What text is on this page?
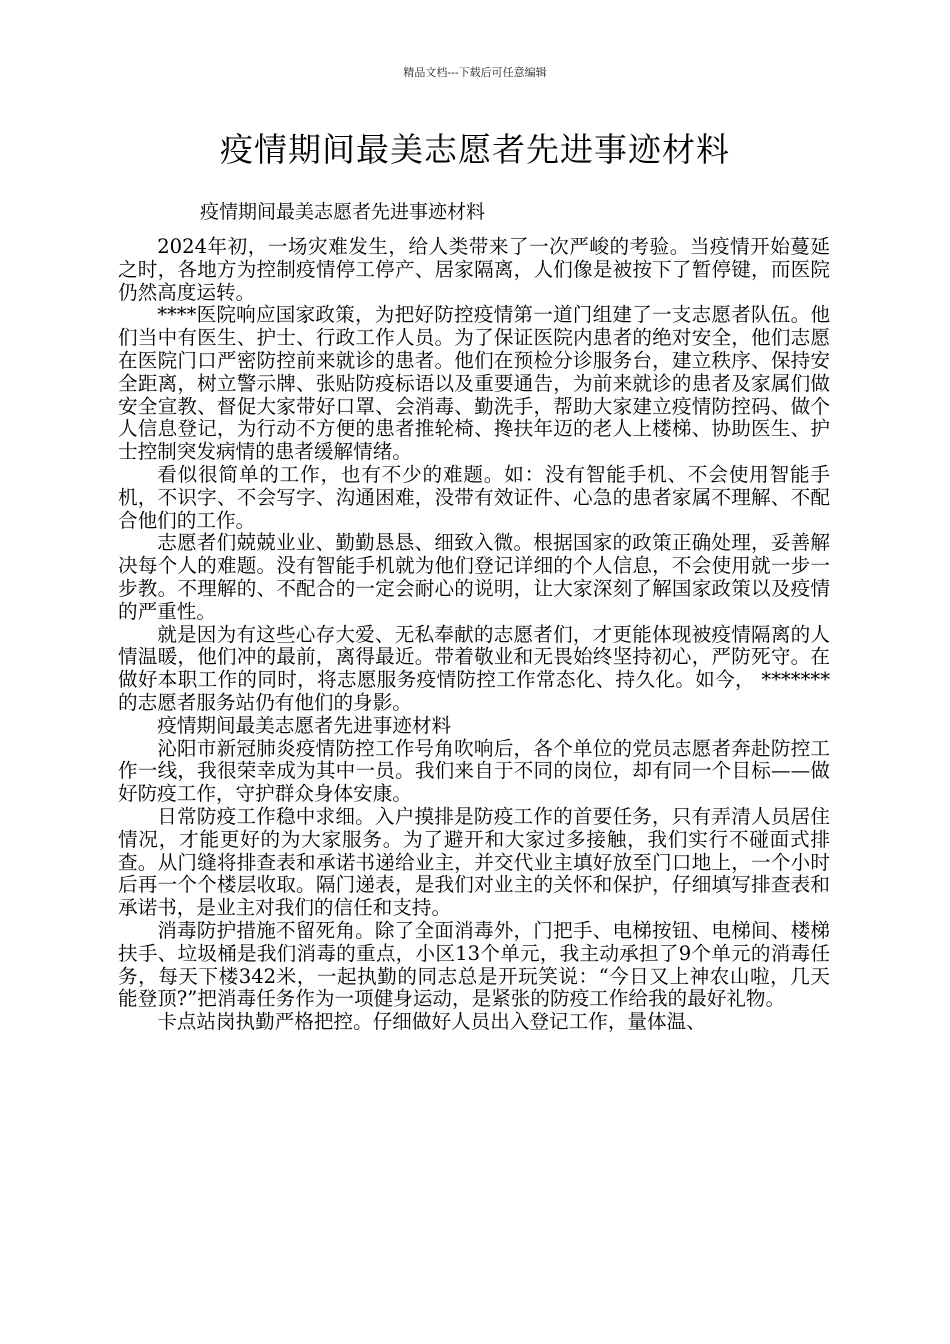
精品文档---下载后可任意编辑
疫情期间最美志愿者先进事迹材料

疫情期间最美志愿者先进事迹材料

2024年初，一场灾难发生，给人类带来了一次严峻的考验。当疫情开始蔓延之时，各地方为控制疫情停工停产、居家隔离，人们像是被按下了暂停键，而医院仍然高度运转。

****医院响应国家政策，为把好防控疫情第一道门组建了一支志愿者队伍。他们当中有医生、护士、行政工作人员。为了保证医院内患者的绝对安全，他们志愿在医院门口严密防控前来就诊的患者。他们在预检分诊服务台，建立秩序、保持安全距离，树立警示牌、张贴防疫标语以及重要通告，为前来就诊的患者及家属们做安全宣教、督促大家带好口罩、会消毒、勤洗手，帮助大家建立疫情防控码、做个人信息登记，为行动不方便的患者推轮椅、搀扶年迈的老人上楼梯、协助医生、护士控制突发病情的患者缓解情绪。

看似很简单的工作，也有不少的难题。如：没有智能手机、不会使用智能手机，不识字、不会写字、沟通困难，没带有效证件、心急的患者家属不理解、不配合他们的工作。

志愿者们兢兢业业、勤勤恳恳、细致入微。根据国家的政策正确处理，妥善解决每个人的难题。没有智能手机就为他们登记详细的个人信息，不会使用就一步一步教。不理解的、不配合的一定会耐心的说明，让大家深刻了解国家政策以及疫情的严重性。

就是因为有这些心存大爱、无私奉献的志愿者们，才更能体现被疫情隔离的人情温暖，他们冲的最前，离得最近。带着敬业和无畏始终坚持初心，严防死守。在做好本职工作的同时，将志愿服务疫情防控工作常态化、持久化。如今， *******的志愿者服务站仍有他们的身影。

疫情期间最美志愿者先进事迹材料

沁阳市新冠肺炎疫情防控工作号角吹响后，各个单位的党员志愿者奔赴防控工作一线，我很荣幸成为其中一员。我们来自于不同的岗位，却有同一个目标——做好防疫工作，守护群众身体安康。

日常防疫工作稳中求细。入户摸排是防疫工作的首要任务，只有弄清人员居住情况，才能更好的为大家服务。为了避开和大家过多接触，我们实行不碰面式排查。从门缝将排查表和承诺书递给业主，并交代业主填好放至门口地上，一个小时后再一个个楼层收取。隔门递表，是我们对业主的关怀和保护，仔细填写排查表和承诺书，是业主对我们的信任和支持。

消毒防护措施不留死角。除了全面消毒外，门把手、电梯按钮、电梯间、楼梯扶手、垃圾桶是我们消毒的重点，小区13个单元，我主动承担了9个单元的消毒任务，每天下楼342米，一起执勤的同志总是开玩笑说：“今日又上神农山啦，几天能登顶?”把消毒任务作为一项健身运动，是紧张的防疫工作给我的最好礼物。

卡点站岗执勤严格把控。仔细做好人员出入登记工作，量体温、
